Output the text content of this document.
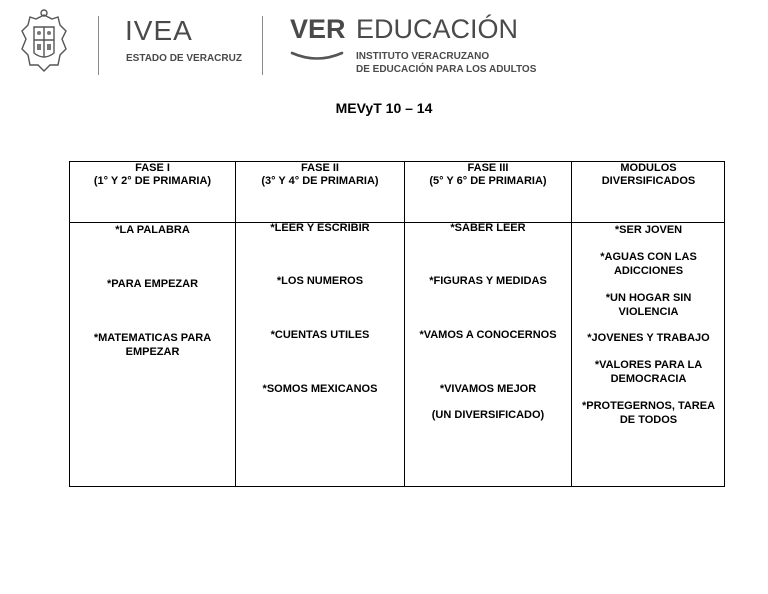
IVEA
ESTADO DE VERACRUZ
VER EDUCACIÓN
INSTITUTO VERACRUZANO
DE EDUCACIÓN PARA LOS ADULTOS
MEVyT 10 – 14
FASE I
(1° Y 2° DE PRIMARIA)
FASE II
(3° Y 4° DE PRIMARIA)
FASE III
(5° Y 6° DE PRIMARIA)
MODULOS
DIVERSIFICADOS
*LA PALABRA
*PARA EMPEZAR
*MATEMATICAS PARA
EMPEZAR
*LEER Y ESCRIBIR
*LOS NUMEROS
*CUENTAS UTILES
*SOMOS MEXICANOS
*SABER LEER
*FIGURAS Y MEDIDAS
*VAMOS A CONOCERNOS
*VIVAMOS MEJOR
(UN DIVERSIFICADO)
*SER JOVEN
*AGUAS CON LAS
ADICCIONES
*UN HOGAR SIN
VIOLENCIA
*JOVENES Y TRABAJO
*VALORES PARA LA
DEMOCRACIA
*PROTEGERNOS, TAREA
DE TODOS
